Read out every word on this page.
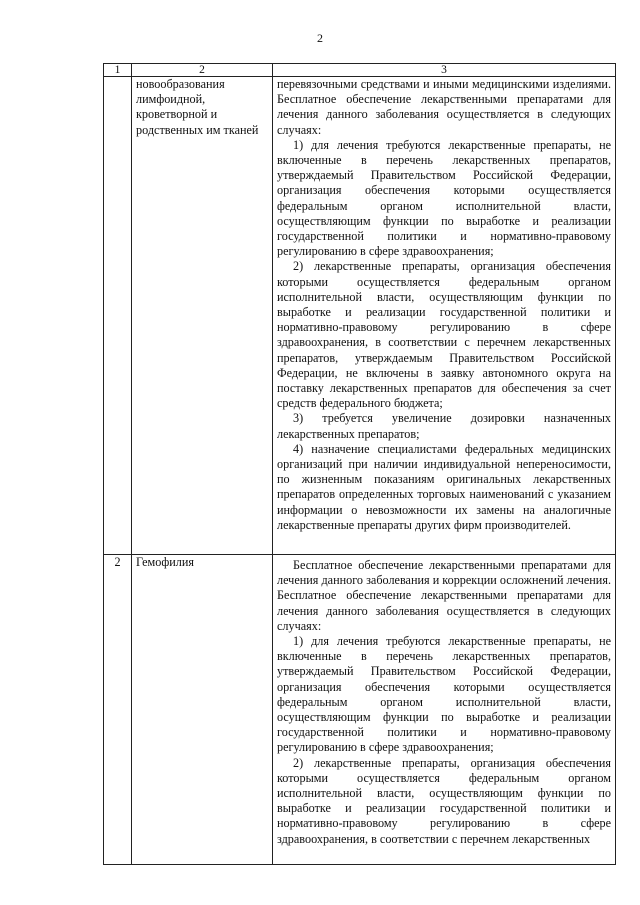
2
1	2	3
	новообразования лимфоидной, кроветворной и родственных им тканей	перевязочными средствами и иными медицинскими изделиями. Бесплатное обеспечение лекарственными препаратами для лечения данного заболевания осуществляется в следующих случаях:

1) для лечения требуются лекарственные препараты, не включенные в перечень лекарственных препаратов, утверждаемый Правительством Российской Федерации, организация обеспечения которыми осуществляется федеральным органом исполнительной власти, осуществляющим функции по выработке и реализации государственной политики и нормативно-правовому регулированию в сфере здравоохранения;

2) лекарственные препараты, организация обеспечения которыми осуществляется федеральным органом исполнительной власти, осуществляющим функции по выработке и реализации государственной политики и нормативно-правовому регулированию в сфере здравоохранения, в соответствии с перечнем лекарственных препаратов, утверждаемым Правительством Российской Федерации, не включены в заявку автономного округа на поставку лекарственных препаратов для обеспечения за счет средств федерального бюджета;

3) требуется увеличение дозировки назначенных лекарственных препаратов;

4) назначение специалистами федеральных медицинских организаций при наличии индивидуальной непереносимости, по жизненным показаниям оригинальных лекарственных препаратов определенных торговых наименований с указанием информации о невозможности их замены на аналогичные лекарственные препараты других фирм производителей.

2	Гемофилия	Бесплатное обеспечение лекарственными препаратами для лечения данного заболевания и коррекции осложнений лечения. Бесплатное обеспечение лекарственными препаратами для лечения данного заболевания осуществляется в следующих случаях:

1) для лечения требуются лекарственные препараты, не включенные в перечень лекарственных препаратов, утверждаемый Правительством Российской Федерации, организация обеспечения которыми осуществляется федеральным органом исполнительной власти, осуществляющим функции по выработке и реализации государственной политики и нормативно-правовому регулированию в сфере здравоохранения;

2) лекарственные препараты, организация обеспечения которыми осуществляется федеральным органом исполнительной власти, осуществляющим функции по выработке и реализации государственной политики и нормативно-правовому регулированию в сфере здравоохранения, в соответствии с перечнем лекарственных
